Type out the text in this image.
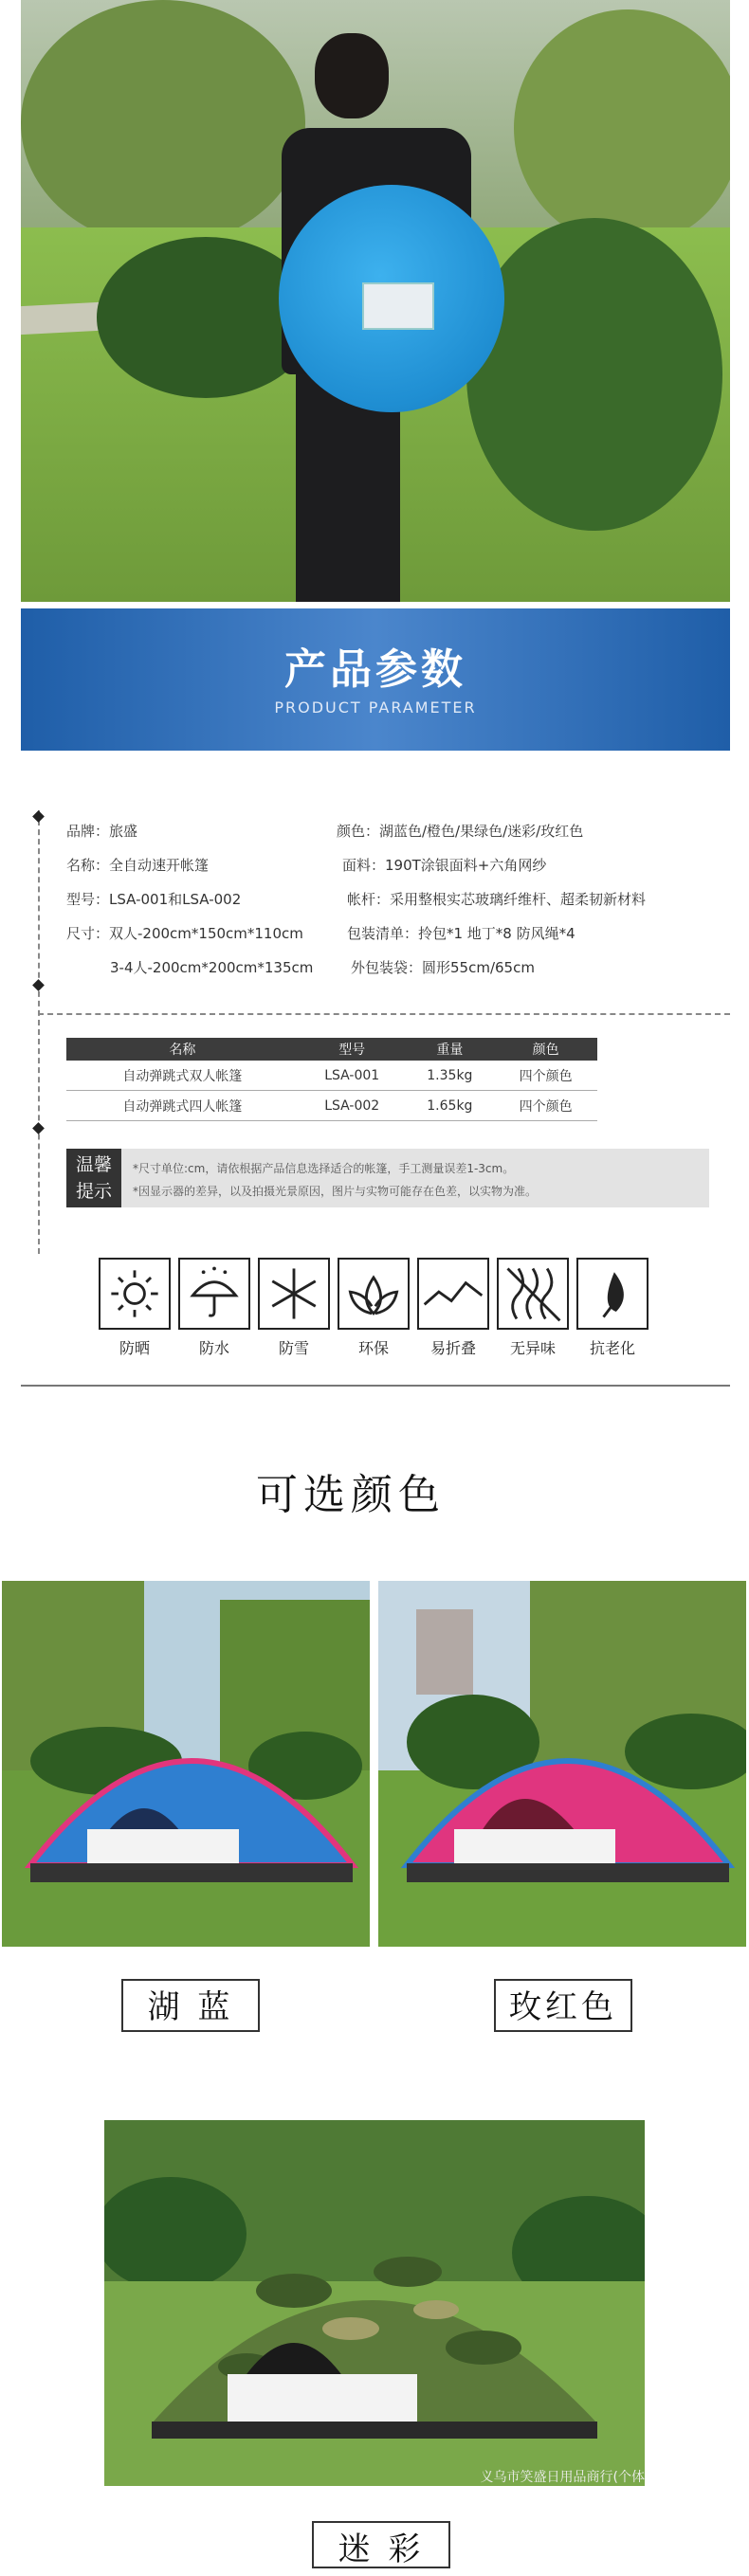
产品参数
PRODUCT PARAMETER
品牌：旅盛	颜色：湖蓝色/橙色/果绿色/迷彩/玫红色
名称：全自动速开帐篷	面料：190T涂银面料+六角网纱
型号：LSA-001和LSA-002	帐杆：采用整根实芯玻璃纤维杆、超柔韧新材料
尺寸：双人-200cm*150cm*110cm	包装清单：拎包*1 地丁*8 防风绳*4
3-4人-200cm*200cm*135cm	外包装袋：圆形55cm/65cm
名称	型号	重量	颜色
自动弹跳式双人帐篷	LSA-001	1.35kg	四个颜色
自动弹跳式四人帐篷	LSA-002	1.65kg	四个颜色
温馨
提示
*尺寸单位:cm，请依根据产品信息选择适合的帐篷，手工测量误差1-3cm。
*因显示器的差异，以及拍摄光景原因，图片与实物可能存在色差，以实物为准。
防晒	防水	防雪	环保	易折叠	无异味	抗老化
可选颜色
湖 蓝	玫红色
义乌市笑盛日用品商行(个体
迷 彩
